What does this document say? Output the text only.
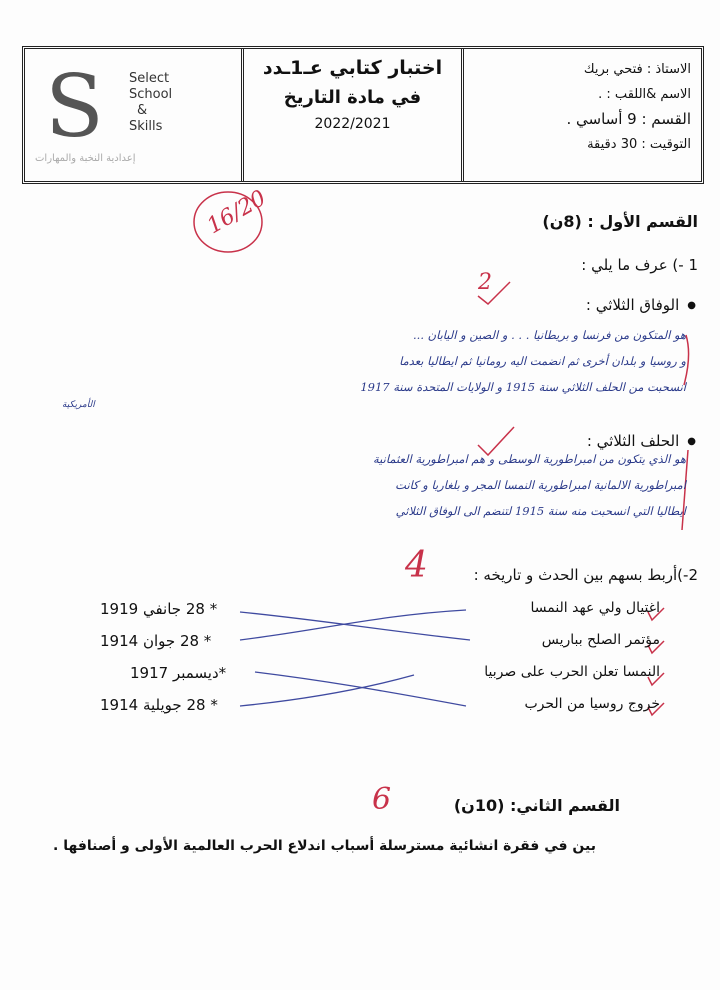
الاستاذ : فتحي بريك
الاسم &اللقب : .
القسم : 9 أساسي .
التوقيت : 30 دقيقة
اختبار كتابي عـ1ـدد
في مادة التاريخ
2022/2021
S Select
School
&
Skills
إعدادية النخبة والمهارات
16/20	القسم الأول : (8ن)
1 -) عرف ما يلي :
2
● الوفاق الثلاثي :
هو المتكون من فرنسا و بريطانيا . . . و الصين و اليابان ...
و روسيا و بلدان أخرى ثم انضمت اليه رومانيا ثم ايطاليا بعدما
انسحبت من الحلف الثلاثي سنة 1915 و الولايات المتحدة سنة 1917
الأمريكية
● الحلف الثلاثي :
هو الذي يتكون من امبراطورية الوسطى و هم امبراطورية العثمانية
امبراطورية الالمانية امبراطورية النمسا المجر و بلغاريا و كانت
ايطاليا التي انسحبت منه سنة 1915 لتنضم الى الوفاق الثلاثي
2-)أربط بسهم بين الحدث و تاريخه :
4
اغتيال ولي عهد النمسا
مؤتمر الصلح بباريس
النمسا تعلن الحرب على صربيا
خروج روسيا من الحرب
* 28 جانفي 1919
* 28 جوان 1914
*ديسمبر 1917
* 28 جويلية 1914
6	القسم الثاني: (10ن)
بين في فقرة انشائية مسترسلة أسباب اندلاع الحرب العالمية الأولى و أصنافها .
